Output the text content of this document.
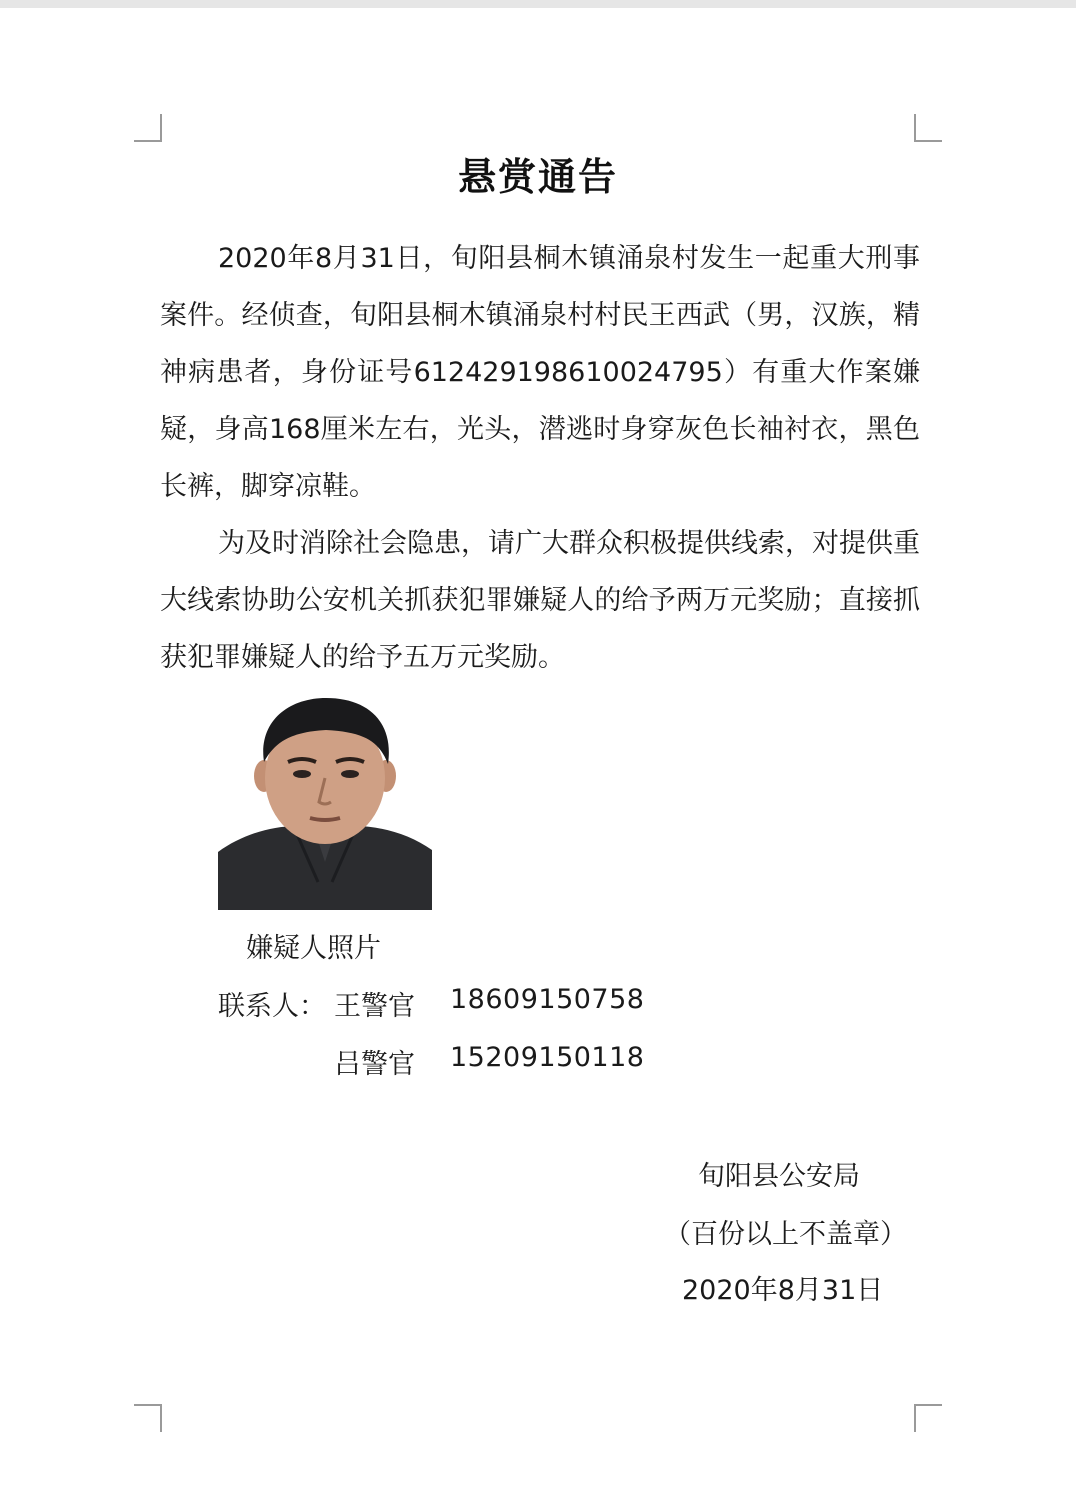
悬赏通告

2020年8月31日，旬阳县桐木镇涌泉村发生一起重大刑事案件。经侦查，旬阳县桐木镇涌泉村村民王西武（男，汉族，精神病患者，身份证号612429198610024795）有重大作案嫌疑，身高168厘米左右，光头，潜逃时身穿灰色长袖衬衣，黑色长裤，脚穿凉鞋。

为及时消除社会隐患，请广大群众积极提供线索，对提供重大线索协助公安机关抓获犯罪嫌疑人的给予两万元奖励；直接抓获犯罪嫌疑人的给予五万元奖励。

嫌疑人照片
联系人： 王警官 18609150758
吕警官 15209150118
旬阳县公安局
（百份以上不盖章）
2020年8月31日
